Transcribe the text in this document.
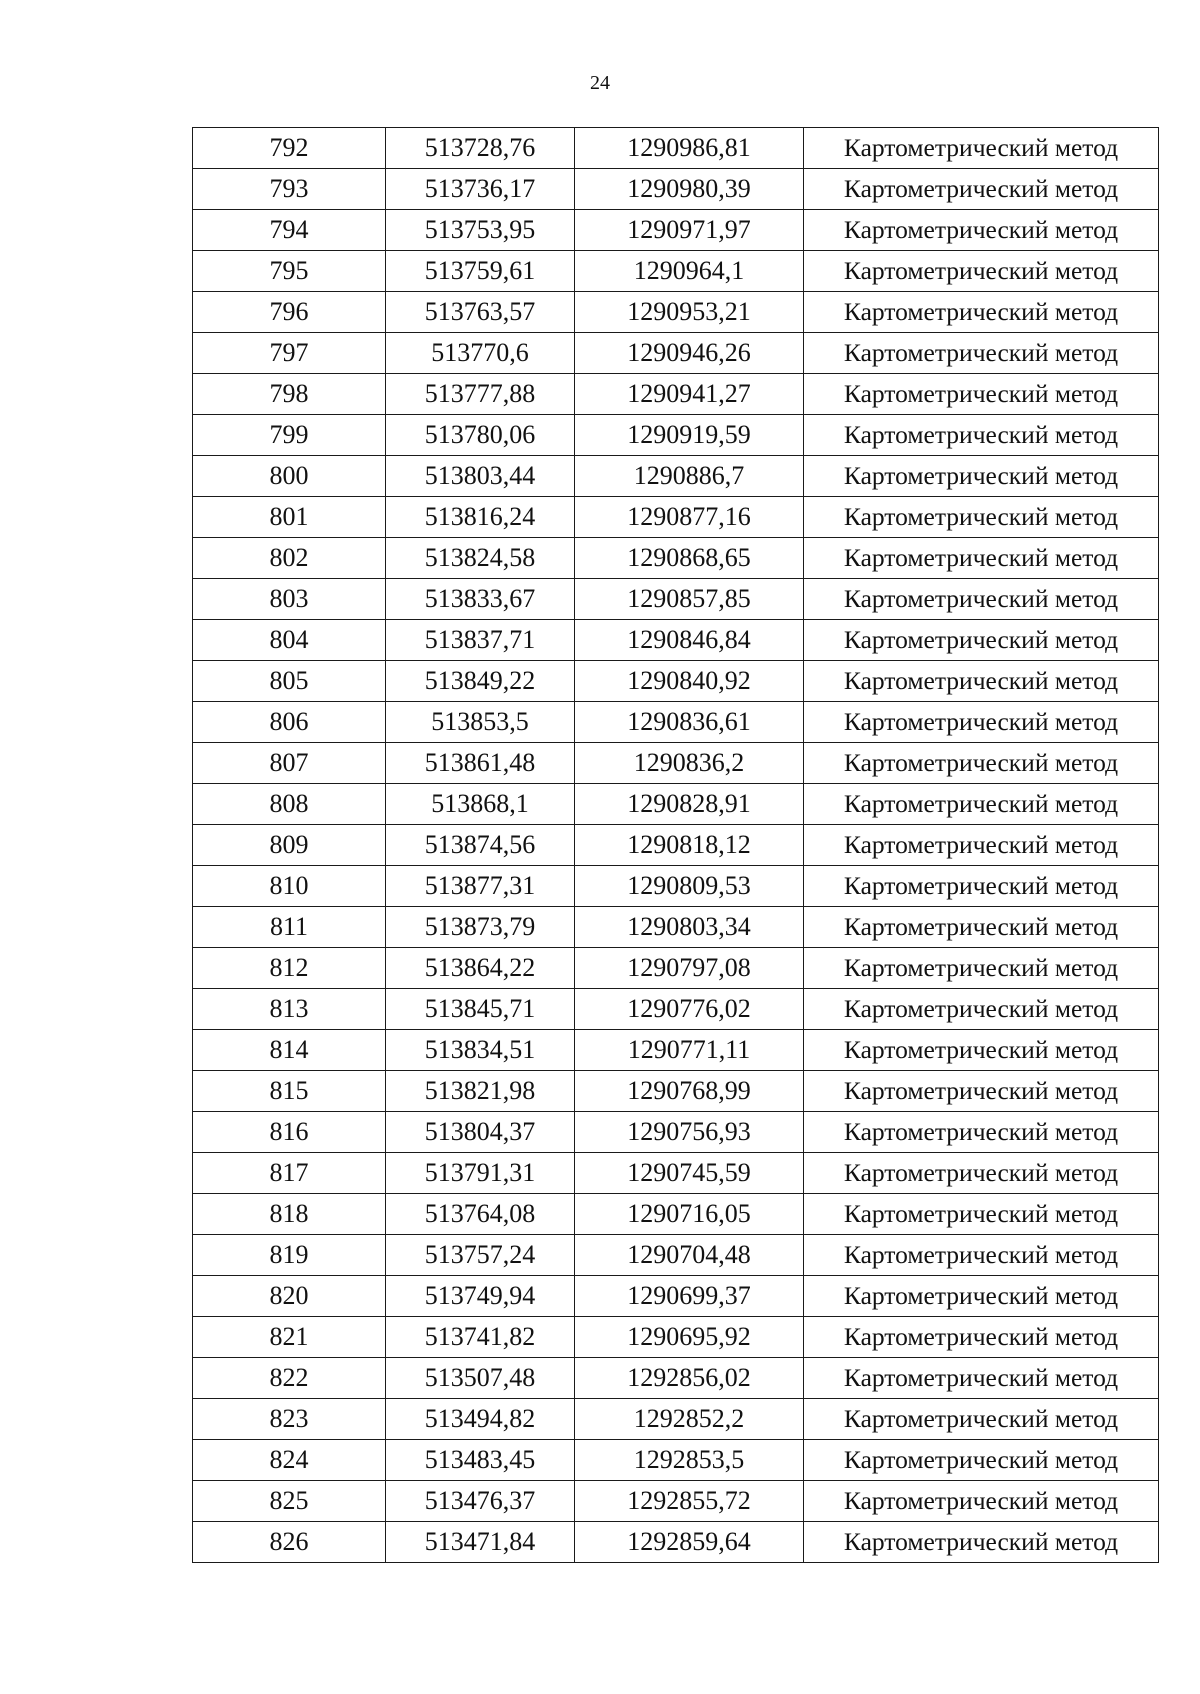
24
792	513728,76	1290986,81	Картометрический метод
793	513736,17	1290980,39	Картометрический метод
794	513753,95	1290971,97	Картометрический метод
795	513759,61	1290964,1	Картометрический метод
796	513763,57	1290953,21	Картометрический метод
797	513770,6	1290946,26	Картометрический метод
798	513777,88	1290941,27	Картометрический метод
799	513780,06	1290919,59	Картометрический метод
800	513803,44	1290886,7	Картометрический метод
801	513816,24	1290877,16	Картометрический метод
802	513824,58	1290868,65	Картометрический метод
803	513833,67	1290857,85	Картометрический метод
804	513837,71	1290846,84	Картометрический метод
805	513849,22	1290840,92	Картометрический метод
806	513853,5	1290836,61	Картометрический метод
807	513861,48	1290836,2	Картометрический метод
808	513868,1	1290828,91	Картометрический метод
809	513874,56	1290818,12	Картометрический метод
810	513877,31	1290809,53	Картометрический метод
811	513873,79	1290803,34	Картометрический метод
812	513864,22	1290797,08	Картометрический метод
813	513845,71	1290776,02	Картометрический метод
814	513834,51	1290771,11	Картометрический метод
815	513821,98	1290768,99	Картометрический метод
816	513804,37	1290756,93	Картометрический метод
817	513791,31	1290745,59	Картометрический метод
818	513764,08	1290716,05	Картометрический метод
819	513757,24	1290704,48	Картометрический метод
820	513749,94	1290699,37	Картометрический метод
821	513741,82	1290695,92	Картометрический метод
822	513507,48	1292856,02	Картометрический метод
823	513494,82	1292852,2	Картометрический метод
824	513483,45	1292853,5	Картометрический метод
825	513476,37	1292855,72	Картометрический метод
826	513471,84	1292859,64	Картометрический метод
